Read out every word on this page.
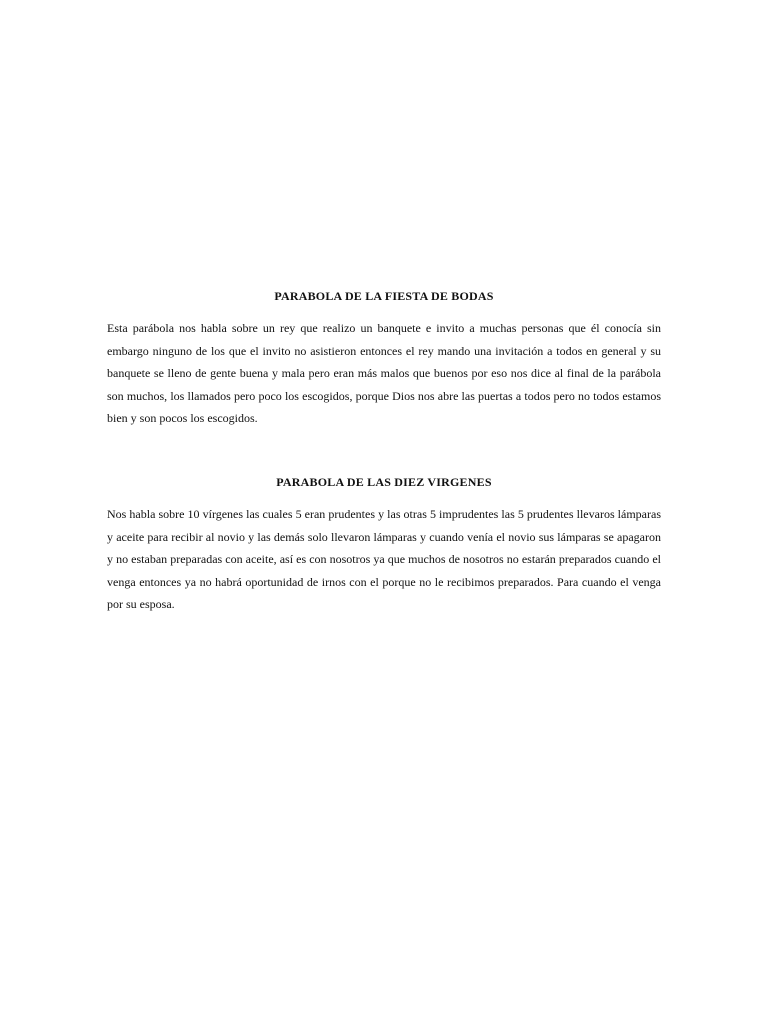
PARABOLA DE LA FIESTA DE BODAS

Esta parábola nos habla sobre un rey que realizo un banquete e invito a muchas personas que él conocía sin embargo ninguno de los que el invito no asistieron entonces el rey mando una invitación a todos en general y su banquete se lleno de gente buena y mala pero eran más malos que buenos por eso nos dice al final de la parábola son muchos, los llamados pero poco los escogidos, porque Dios nos abre las puertas a todos pero no todos estamos bien y son pocos los escogidos.

PARABOLA DE LAS DIEZ VIRGENES

Nos habla sobre 10 vírgenes las cuales 5 eran prudentes y las otras 5 imprudentes las 5 prudentes llevaros lámparas y aceite para recibir al novio y las demás solo llevaron lámparas y cuando venía el novio sus lámparas se apagaron y no estaban preparadas con aceite, así es con nosotros ya que muchos de nosotros no estarán preparados cuando el venga entonces ya no habrá oportunidad de irnos con el porque no le recibimos preparados. Para cuando el venga por su esposa.
